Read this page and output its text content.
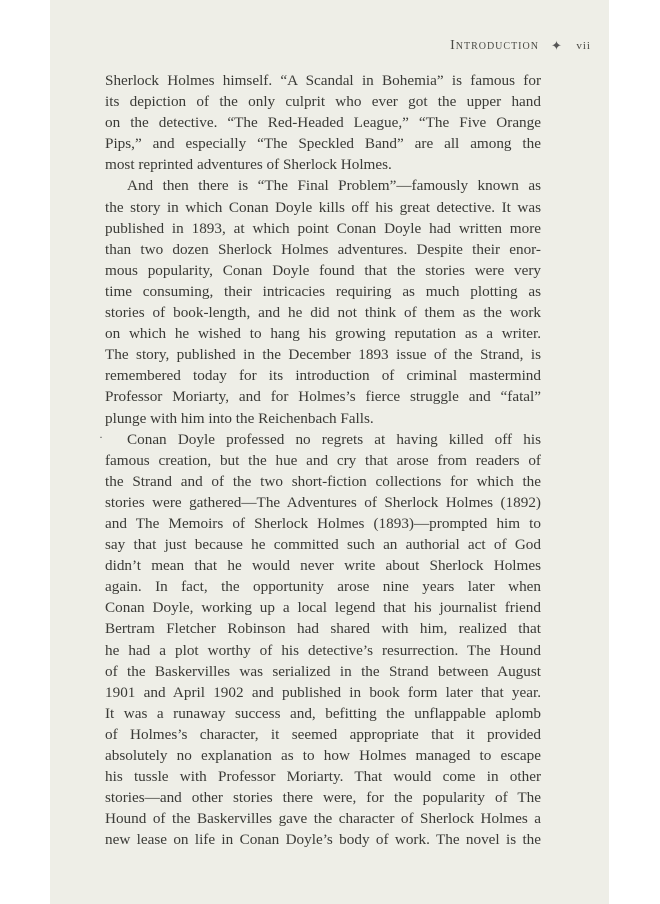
Introduction ✦ vii
·
Sherlock Holmes himself. “A Scandal in Bohemia” is famous for
its depiction of the only culprit who ever got the upper hand
on the detective. “The Red-Headed League,” “The Five Orange
Pips,” and especially “The Speckled Band” are all among the
most reprinted adventures of Sherlock Holmes.
And then there is “The Final Problem”—famously known as
the story in which Conan Doyle kills off his great detective. It was
published in 1893, at which point Conan Doyle had written more
than two dozen Sherlock Holmes adventures. Despite their enor-
mous popularity, Conan Doyle found that the stories were very
time consuming, their intricacies requiring as much plotting as
stories of book-length, and he did not think of them as the work
on which he wished to hang his growing reputation as a writer.
The story, published in the December 1893 issue of the Strand, is
remembered today for its introduction of criminal mastermind
Professor Moriarty, and for Holmes’s fierce struggle and “fatal”
plunge with him into the Reichenbach Falls.
Conan Doyle professed no regrets at having killed off his
famous creation, but the hue and cry that arose from readers of
the Strand and of the two short-fiction collections for which the
stories were gathered—The Adventures of Sherlock Holmes (1892)
and The Memoirs of Sherlock Holmes (1893)—prompted him to
say that just because he committed such an authorial act of God
didn’t mean that he would never write about Sherlock Holmes
again. In fact, the opportunity arose nine years later when
Conan Doyle, working up a local legend that his journalist friend
Bertram Fletcher Robinson had shared with him, realized that
he had a plot worthy of his detective’s resurrection. The Hound
of the Baskervilles was serialized in the Strand between August
1901 and April 1902 and published in book form later that year.
It was a runaway success and, befitting the unflappable aplomb
of Holmes’s character, it seemed appropriate that it provided
absolutely no explanation as to how Holmes managed to escape
his tussle with Professor Moriarty. That would come in other
stories—and other stories there were, for the popularity of The
Hound of the Baskervilles gave the character of Sherlock Holmes a
new lease on life in Conan Doyle’s body of work. The novel is the
